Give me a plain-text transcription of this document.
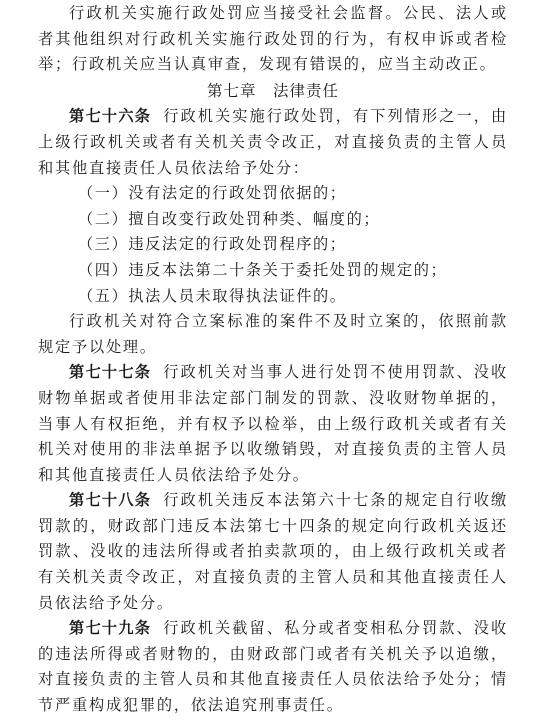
行政机关实施行政处罚应当接受社会监督。公民、法人或者其他组织对行政机关实施行政处罚的行为，有权申诉或者检举；行政机关应当认真审查，发现有错误的，应当主动改正。

第七章　法律责任

第七十六条 行政机关实施行政处罚，有下列情形之一，由上级行政机关或者有关机关责令改正，对直接负责的主管人员和其他直接责任人员依法给予处分：

（一）没有法定的行政处罚依据的；

（二）擅自改变行政处罚种类、幅度的；

（三）违反法定的行政处罚程序的；

（四）违反本法第二十条关于委托处罚的规定的；

（五）执法人员未取得执法证件的。

行政机关对符合立案标准的案件不及时立案的，依照前款规定予以处理。

第七十七条 行政机关对当事人进行处罚不使用罚款、没收财物单据或者使用非法定部门制发的罚款、没收财物单据的，当事人有权拒绝，并有权予以检举，由上级行政机关或者有关机关对使用的非法单据予以收缴销毁，对直接负责的主管人员和其他直接责任人员依法给予处分。

第七十八条 行政机关违反本法第六十七条的规定自行收缴罚款的，财政部门违反本法第七十四条的规定向行政机关返还罚款、没收的违法所得或者拍卖款项的，由上级行政机关或者有关机关责令改正，对直接负责的主管人员和其他直接责任人员依法给予处分。

第七十九条 行政机关截留、私分或者变相私分罚款、没收的违法所得或者财物的，由财政部门或者有关机关予以追缴，对直接负责的主管人员和其他直接责任人员依法给予处分；情节严重构成犯罪的，依法追究刑事责任。
